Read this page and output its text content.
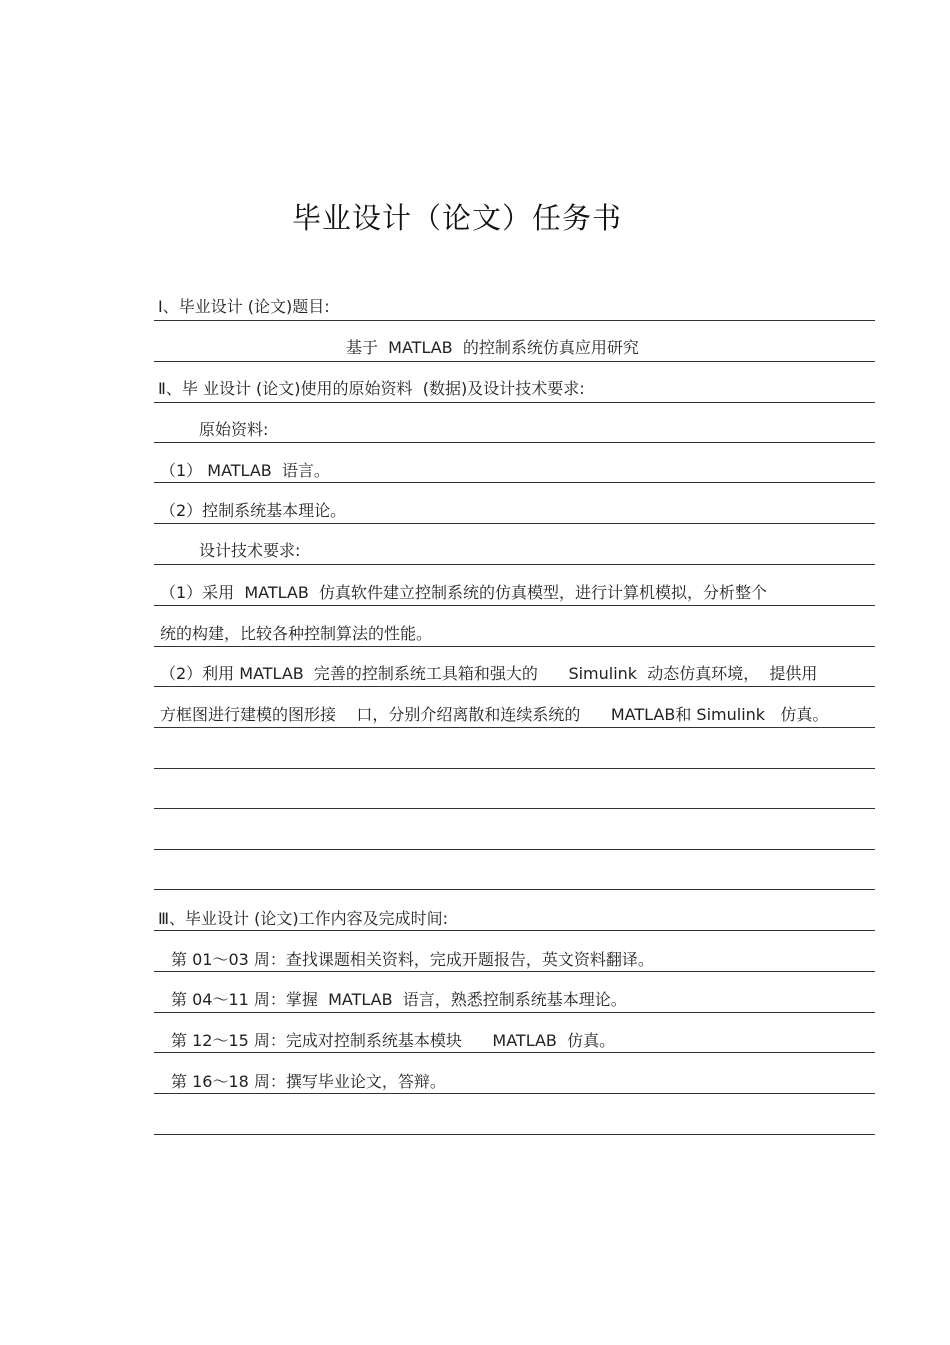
毕业设计（论文）任务书
Ⅰ、毕业设计 (论文)题目:
基于  MATLAB  的控制系统仿真应用研究
Ⅱ、毕 业设计 (论文)使用的原始资料  (数据)及设计技术要求:
原始资料:
（1） MATLAB  语言。
（2）控制系统基本理论。
设计技术要求:
（1）采用  MATLAB  仿真软件建立控制系统的仿真模型，进行计算机模拟，分析整个
统的构建，比较各种控制算法的性能。
（2）利用 MATLAB  完善的控制系统工具箱和强大的      Simulink  动态仿真环境，  提供用
方框图进行建模的图形接    口，分别介绍离散和连续系统的      MATLAB和 Simulink   仿真。
Ⅲ、毕业设计 (论文)工作内容及完成时间:
第 01～03 周：查找课题相关资料，完成开题报告，英文资料翻译。
第 04～11 周：掌握  MATLAB  语言，熟悉控制系统基本理论。
第 12～15 周：完成对控制系统基本模块      MATLAB  仿真。
第 16～18 周：撰写毕业论文，答辩。
